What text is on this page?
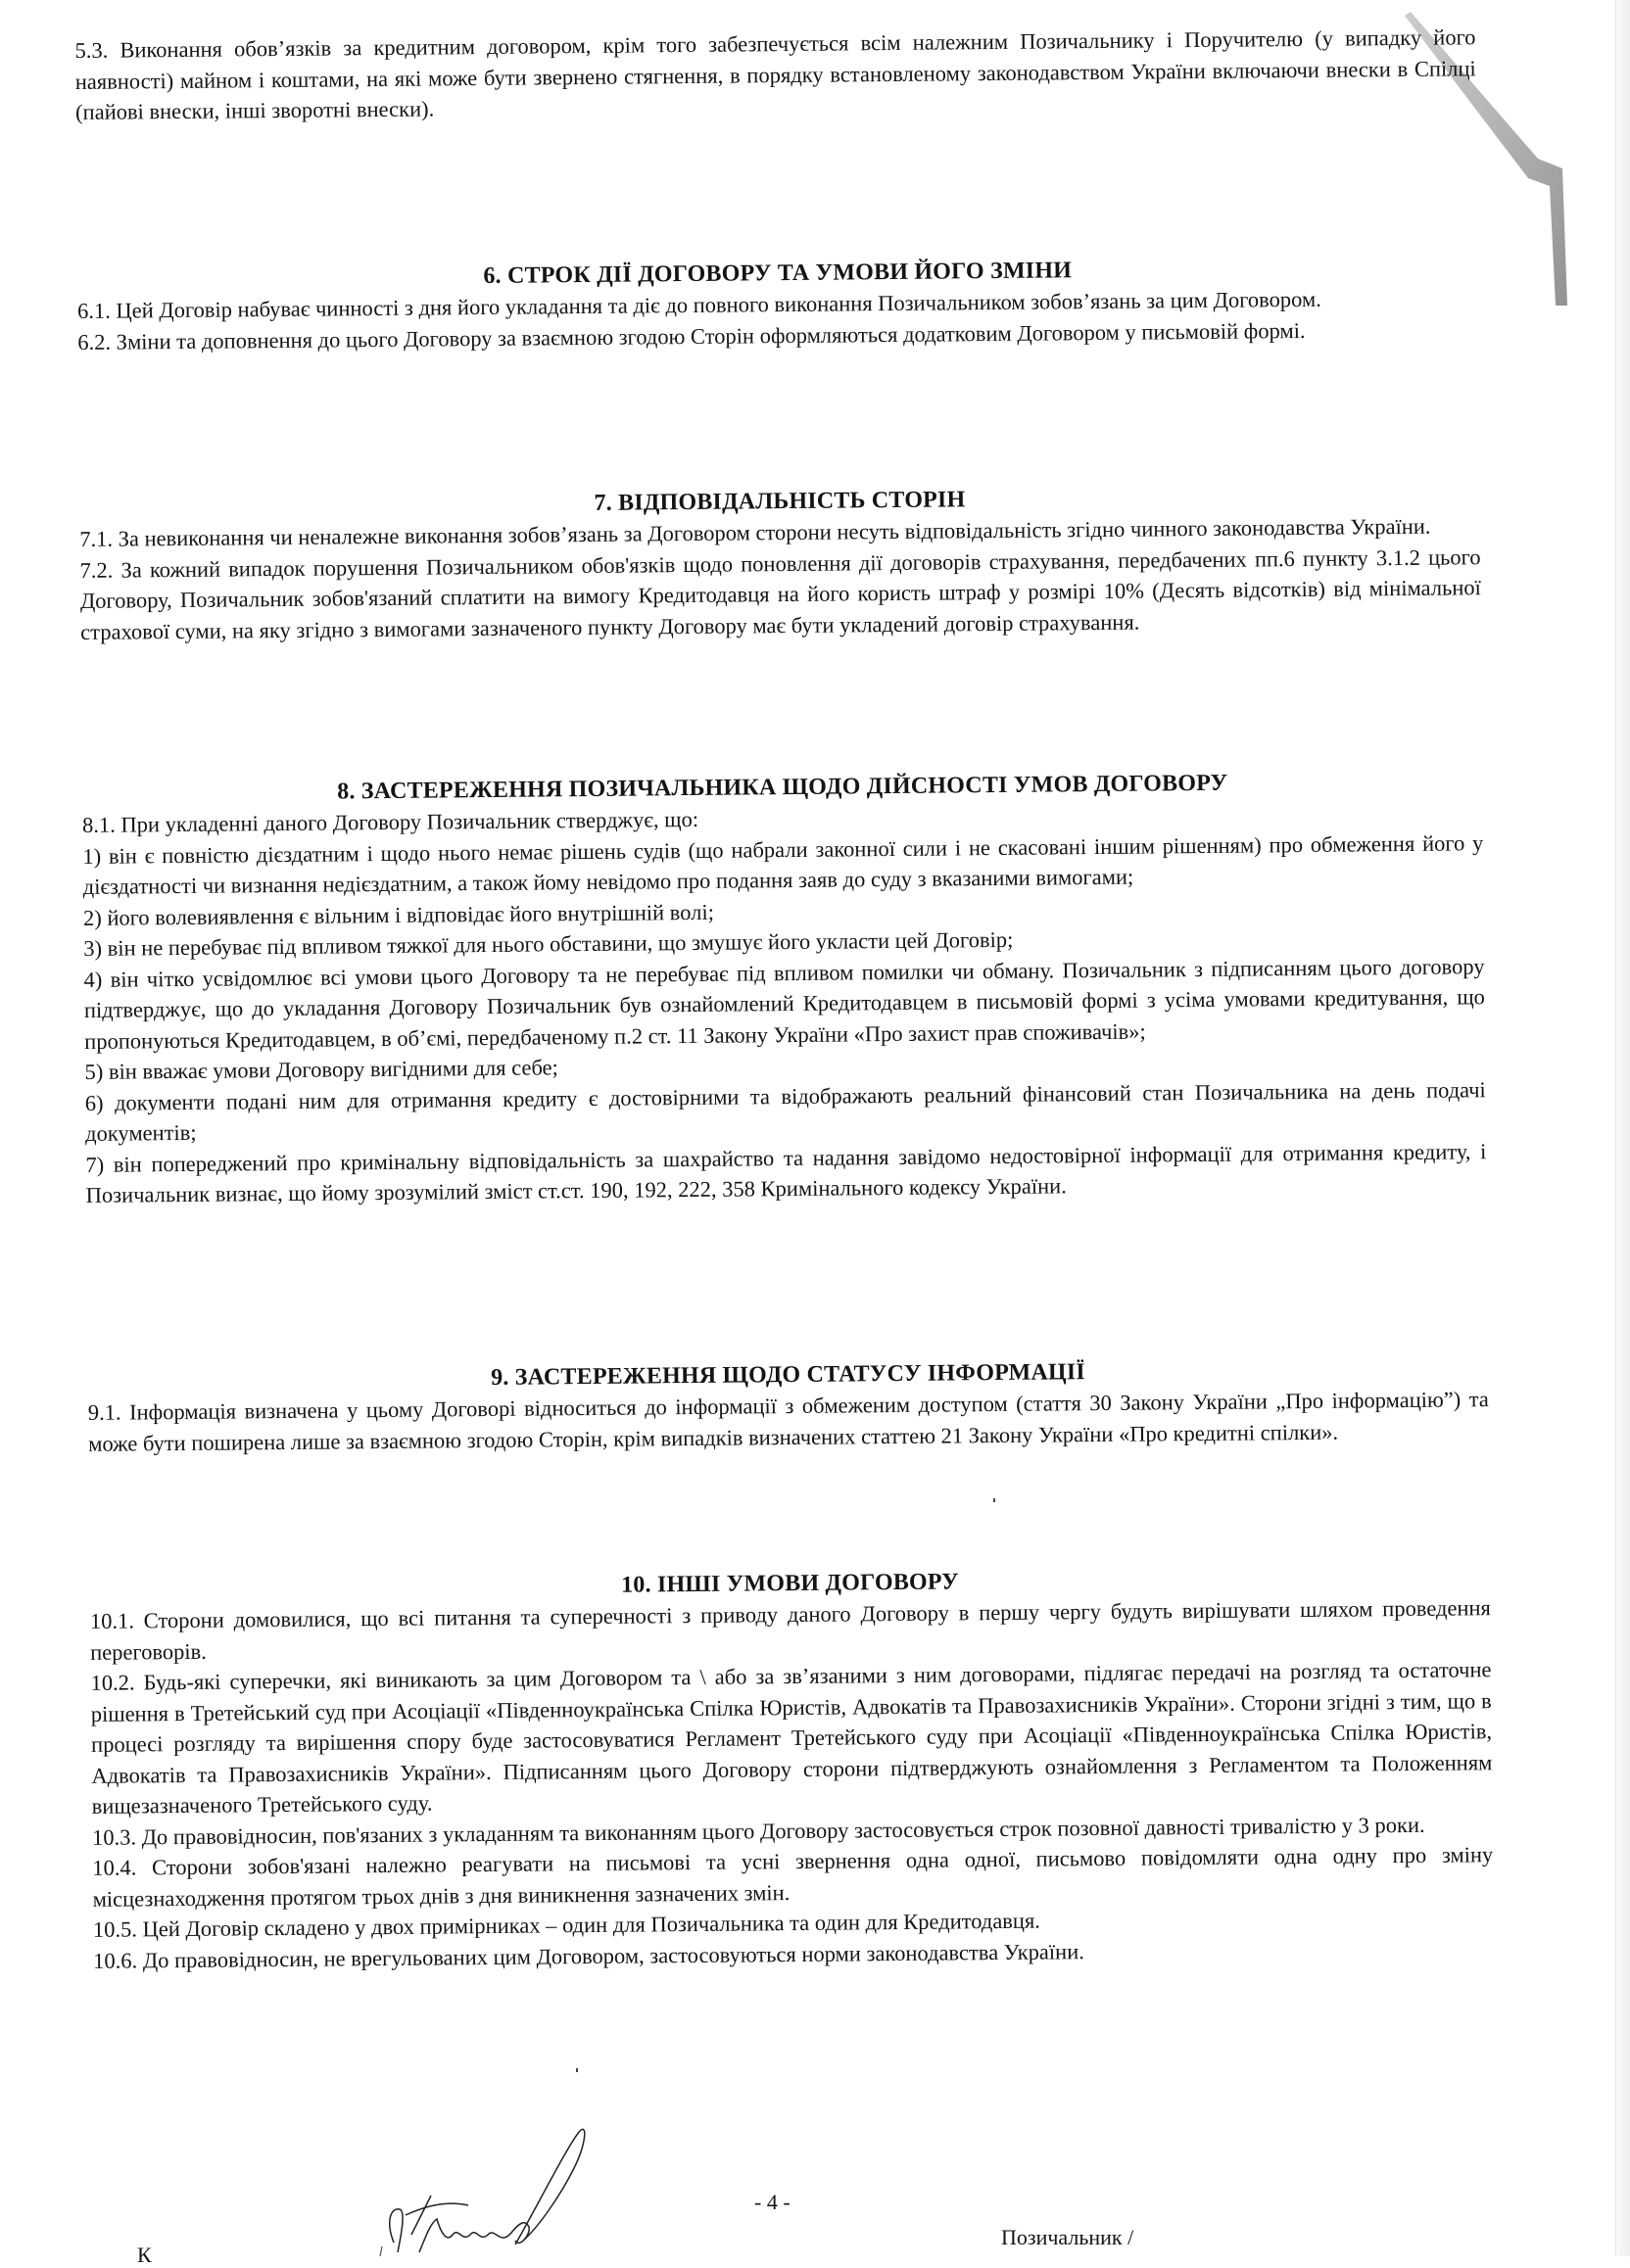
5.3. Виконання обов’язків за кредитним договором, крім того забезпечується всім належним Позичальнику і Поручителю (у випадку його наявності) майном і коштами, на які може бути звернено стягнення, в порядку встановленому законодавством України включаючи внески в Спілці (пайові внески, інші зворотні внески).

6. СТРОК ДІЇ ДОГОВОРУ ТА УМОВИ ЙОГО ЗМІНИ

6.1. Цей Договір набуває чинності з дня його укладання та діє до повного виконання Позичальником зобов’язань за цим Договором.

6.2. Зміни та доповнення до цього Договору за взаємною згодою Сторін оформляються додатковим Договором у письмовій формі.

7. ВІДПОВІДАЛЬНІСТЬ СТОРІН

7.1. За невиконання чи неналежне виконання зобов’язань за Договором сторони несуть відповідальність згідно чинного законодавства України.

7.2. За кожний випадок порушення Позичальником обов'язків щодо поновлення дії договорів страхування, передбачених пп.6 пункту 3.1.2 цього Договору, Позичальник зобов'язаний сплатити на вимогу Кредитодавця на його користь штраф у розмірі 10% (Десять відсотків) від мінімальної страхової суми, на яку згідно з вимогами зазначеного пункту Договору має бути укладений договір страхування.

8. ЗАСТЕРЕЖЕННЯ ПОЗИЧАЛЬНИКА ЩОДО ДІЙСНОСТІ УМОВ ДОГОВОРУ

8.1. При укладенні даного Договору Позичальник стверджує, що:

1) він є повністю дієздатним і щодо нього немає рішень судів (що набрали законної сили і не скасовані іншим рішенням) про обмеження його у дієздатності чи визнання недієздатним, а також йому невідомо про подання заяв до суду з вказаними вимогами;

2) його волевиявлення є вільним і відповідає його внутрішній волі;

3) він не перебуває під впливом тяжкої для нього обставини, що змушує його укласти цей Договір;

4) він чітко усвідомлює всі умови цього Договору та не перебуває під впливом помилки чи обману. Позичальник з підписанням цього договору підтверджує, що до укладання Договору Позичальник був ознайомлений Кредитодавцем в письмовій формі з усіма умовами кредитування, що пропонуються Кредитодавцем, в об’ємі, передбаченому п.2 ст. 11 Закону України «Про захист прав споживачів»;

5) він вважає умови Договору вигідними для себе;

6) документи подані ним для отримання кредиту є достовірними та відображають реальний фінансовий стан Позичальника на день подачі документів;

7) він попереджений про кримінальну відповідальність за шахрайство та надання завідомо недостовірної інформації для отримання кредиту, і Позичальник визнає, що йому зрозумілий зміст ст.ст. 190, 192, 222, 358 Кримінального кодексу України.

9. ЗАСТЕРЕЖЕННЯ ЩОДО СТАТУСУ ІНФОРМАЦІЇ

9.1. Інформація визначена у цьому Договорі відноситься до інформації з обмеженим доступом (стаття 30 Закону України „Про інформацію”) та може бути поширена лише за взаємною згодою Сторін, крім випадків визначених статтею 21 Закону України «Про кредитні спілки».

10. ІНШІ УМОВИ ДОГОВОРУ

10.1. Сторони домовилися, що всі питання та суперечності з приводу даного Договору в першу чергу будуть вирішувати шляхом проведення переговорів.

10.2. Будь-які суперечки, які виникають за цим Договором та \ або за зв’язаними з ним договорами, підлягає передачі на розгляд та остаточне рішення в Третейський суд при Асоціації «Південноукраїнська Спілка Юристів, Адвокатів та Правозахисників України». Сторони згідні з тим, що в процесі розгляду та вирішення спору буде застосовуватися Регламент Третейського суду при Асоціації «Південноукраїнська Спілка Юристів, Адвокатів та Правозахисників України». Підписанням цього Договору сторони підтверджують ознайомлення з Регламентом та Положенням вищезазначеного Третейського суду.

10.3. До правовідносин, пов'язаних з укладанням та виконанням цього Договору застосовується строк позовної давності тривалістю у 3 роки.

10.4. Сторони зобов'язані належно реагувати на письмові та усні звернення одна одної, письмово повідомляти одна одну про зміну місцезнаходження протягом трьох днів з дня виникнення зазначених змін.

10.5. Цей Договір складено у двох примірниках – один для Позичальника та один для Кредитодавця.

10.6. До правовідносин, не врегульованих цим Договором, застосовуються норми законодавства України.

- 4 -
К
Позичальник /
